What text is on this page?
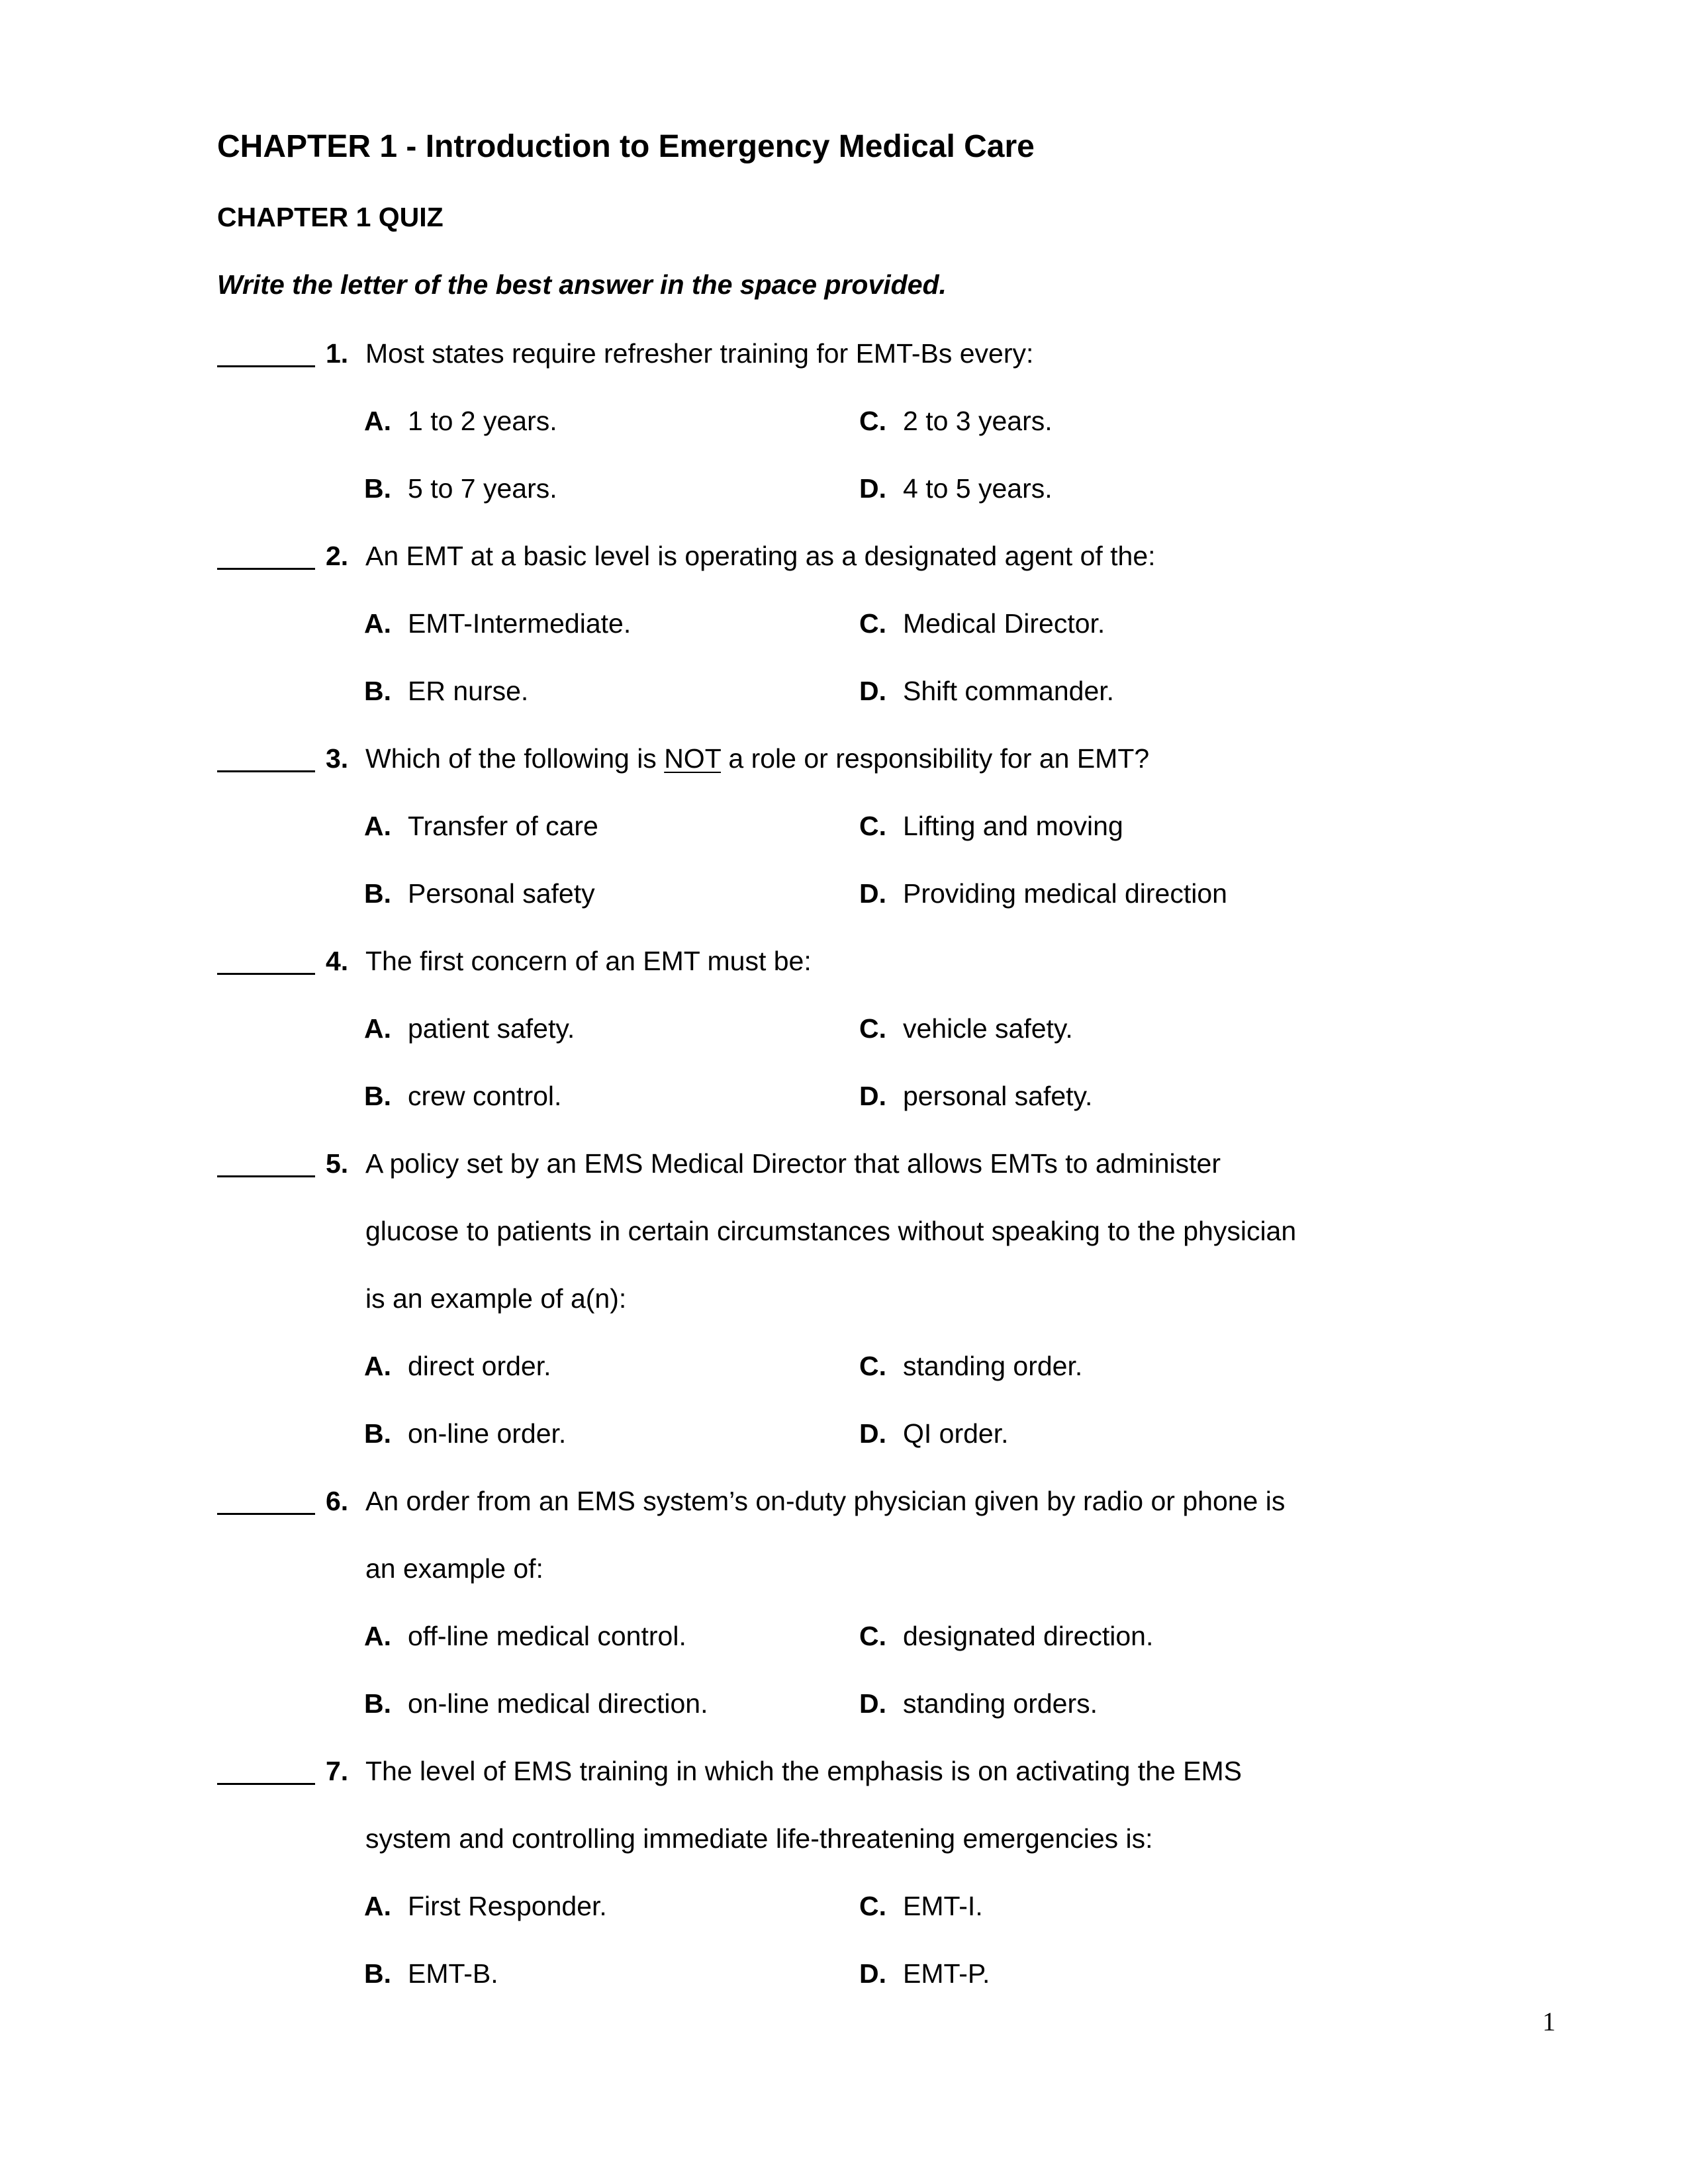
CHAPTER 1 - Introduction to Emergency Medical Care
CHAPTER 1 QUIZ
Write the letter of the best answer in the space provided.
1. Most states require refresher training for EMT-Bs every:
A. 1 to 2 years.	C. 2 to 3 years.
B. 5 to 7 years.	D. 4 to 5 years.
2. An EMT at a basic level is operating as a designated agent of the:
A. EMT-Intermediate.	C. Medical Director.
B. ER nurse.	D. Shift commander.
3. Which of the following is NOT a role or responsibility for an EMT?
A. Transfer of care	C. Lifting and moving
B. Personal safety	D. Providing medical direction
4. The first concern of an EMT must be:
A. patient safety.	C. vehicle safety.
B. crew control.	D. personal safety.
5. A policy set by an EMS Medical Director that allows EMTs to administer
glucose to patients in certain circumstances without speaking to the physician
is an example of a(n):
A. direct order.	C. standing order.
B. on-line order.	D. QI order.
6. An order from an EMS system’s on-duty physician given by radio or phone is
an example of:
A. off-line medical control.	C. designated direction.
B. on-line medical direction.	D. standing orders.
7. The level of EMS training in which the emphasis is on activating the EMS
system and controlling immediate life-threatening emergencies is:
A. First Responder.	C. EMT-I.
B. EMT-B.	D. EMT-P.
1
